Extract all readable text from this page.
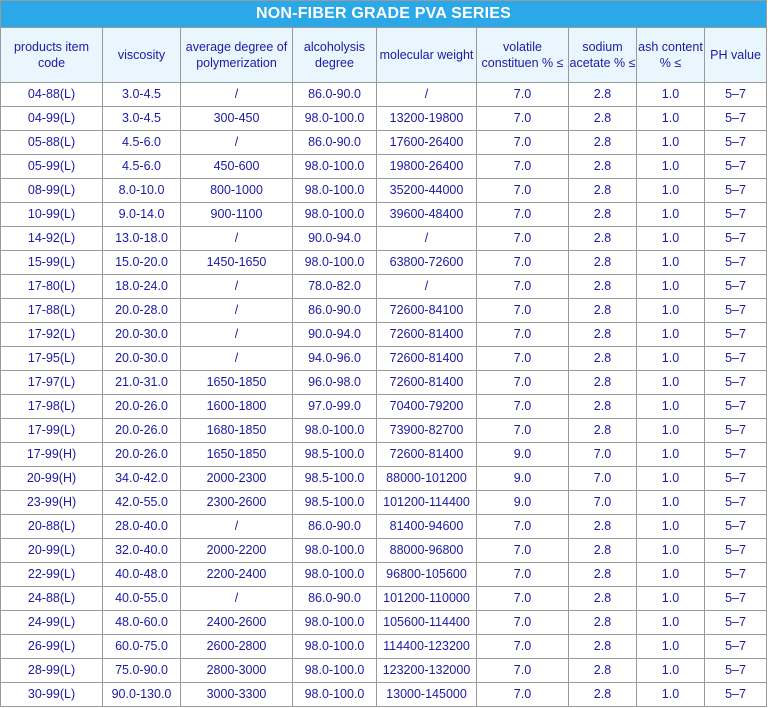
NON-FIBER GRADE PVA SERIES								
products item code	viscosity	average degree of polymerization	alcoholysis degree	molecular weight	volatile constituen % ≤	sodium acetate % ≤	ash content % ≤	PH value
04-88(L)	3.0-4.5	/	86.0-90.0	/	7.0	2.8	1.0	5–7
04-99(L)	3.0-4.5	300-450	98.0-100.0	13200-19800	7.0	2.8	1.0	5–7
05-88(L)	4.5-6.0	/	86.0-90.0	17600-26400	7.0	2.8	1.0	5–7
05-99(L)	4.5-6.0	450-600	98.0-100.0	19800-26400	7.0	2.8	1.0	5–7
08-99(L)	8.0-10.0	800-1000	98.0-100.0	35200-44000	7.0	2.8	1.0	5–7
10-99(L)	9.0-14.0	900-1100	98.0-100.0	39600-48400	7.0	2.8	1.0	5–7
14-92(L)	13.0-18.0	/	90.0-94.0	/	7.0	2.8	1.0	5–7
15-99(L)	15.0-20.0	1450-1650	98.0-100.0	63800-72600	7.0	2.8	1.0	5–7
17-80(L)	18.0-24.0	/	78.0-82.0	/	7.0	2.8	1.0	5–7
17-88(L)	20.0-28.0	/	86.0-90.0	72600-84100	7.0	2.8	1.0	5–7
17-92(L)	20.0-30.0	/	90.0-94.0	72600-81400	7.0	2.8	1.0	5–7
17-95(L)	20.0-30.0	/	94.0-96.0	72600-81400	7.0	2.8	1.0	5–7
17-97(L)	21.0-31.0	1650-1850	96.0-98.0	72600-81400	7.0	2.8	1.0	5–7
17-98(L)	20.0-26.0	1600-1800	97.0-99.0	70400-79200	7.0	2.8	1.0	5–7
17-99(L)	20.0-26.0	1680-1850	98.0-100.0	73900-82700	7.0	2.8	1.0	5–7
17-99(H)	20.0-26.0	1650-1850	98.5-100.0	72600-81400	9.0	7.0	1.0	5–7
20-99(H)	34.0-42.0	2000-2300	98.5-100.0	88000-101200	9.0	7.0	1.0	5–7
23-99(H)	42.0-55.0	2300-2600	98.5-100.0	101200-114400	9.0	7.0	1.0	5–7
20-88(L)	28.0-40.0	/	86.0-90.0	81400-94600	7.0	2.8	1.0	5–7
20-99(L)	32.0-40.0	2000-2200	98.0-100.0	88000-96800	7.0	2.8	1.0	5–7
22-99(L)	40.0-48.0	2200-2400	98.0-100.0	96800-105600	7.0	2.8	1.0	5–7
24-88(L)	40.0-55.0	/	86.0-90.0	101200-110000	7.0	2.8	1.0	5–7
24-99(L)	48.0-60.0	2400-2600	98.0-100.0	105600-114400	7.0	2.8	1.0	5–7
26-99(L)	60.0-75.0	2600-2800	98.0-100.0	114400-123200	7.0	2.8	1.0	5–7
28-99(L)	75.0-90.0	2800-3000	98.0-100.0	123200-132000	7.0	2.8	1.0	5–7
30-99(L)	90.0-130.0	3000-3300	98.0-100.0	13000-145000	7.0	2.8	1.0	5–7
